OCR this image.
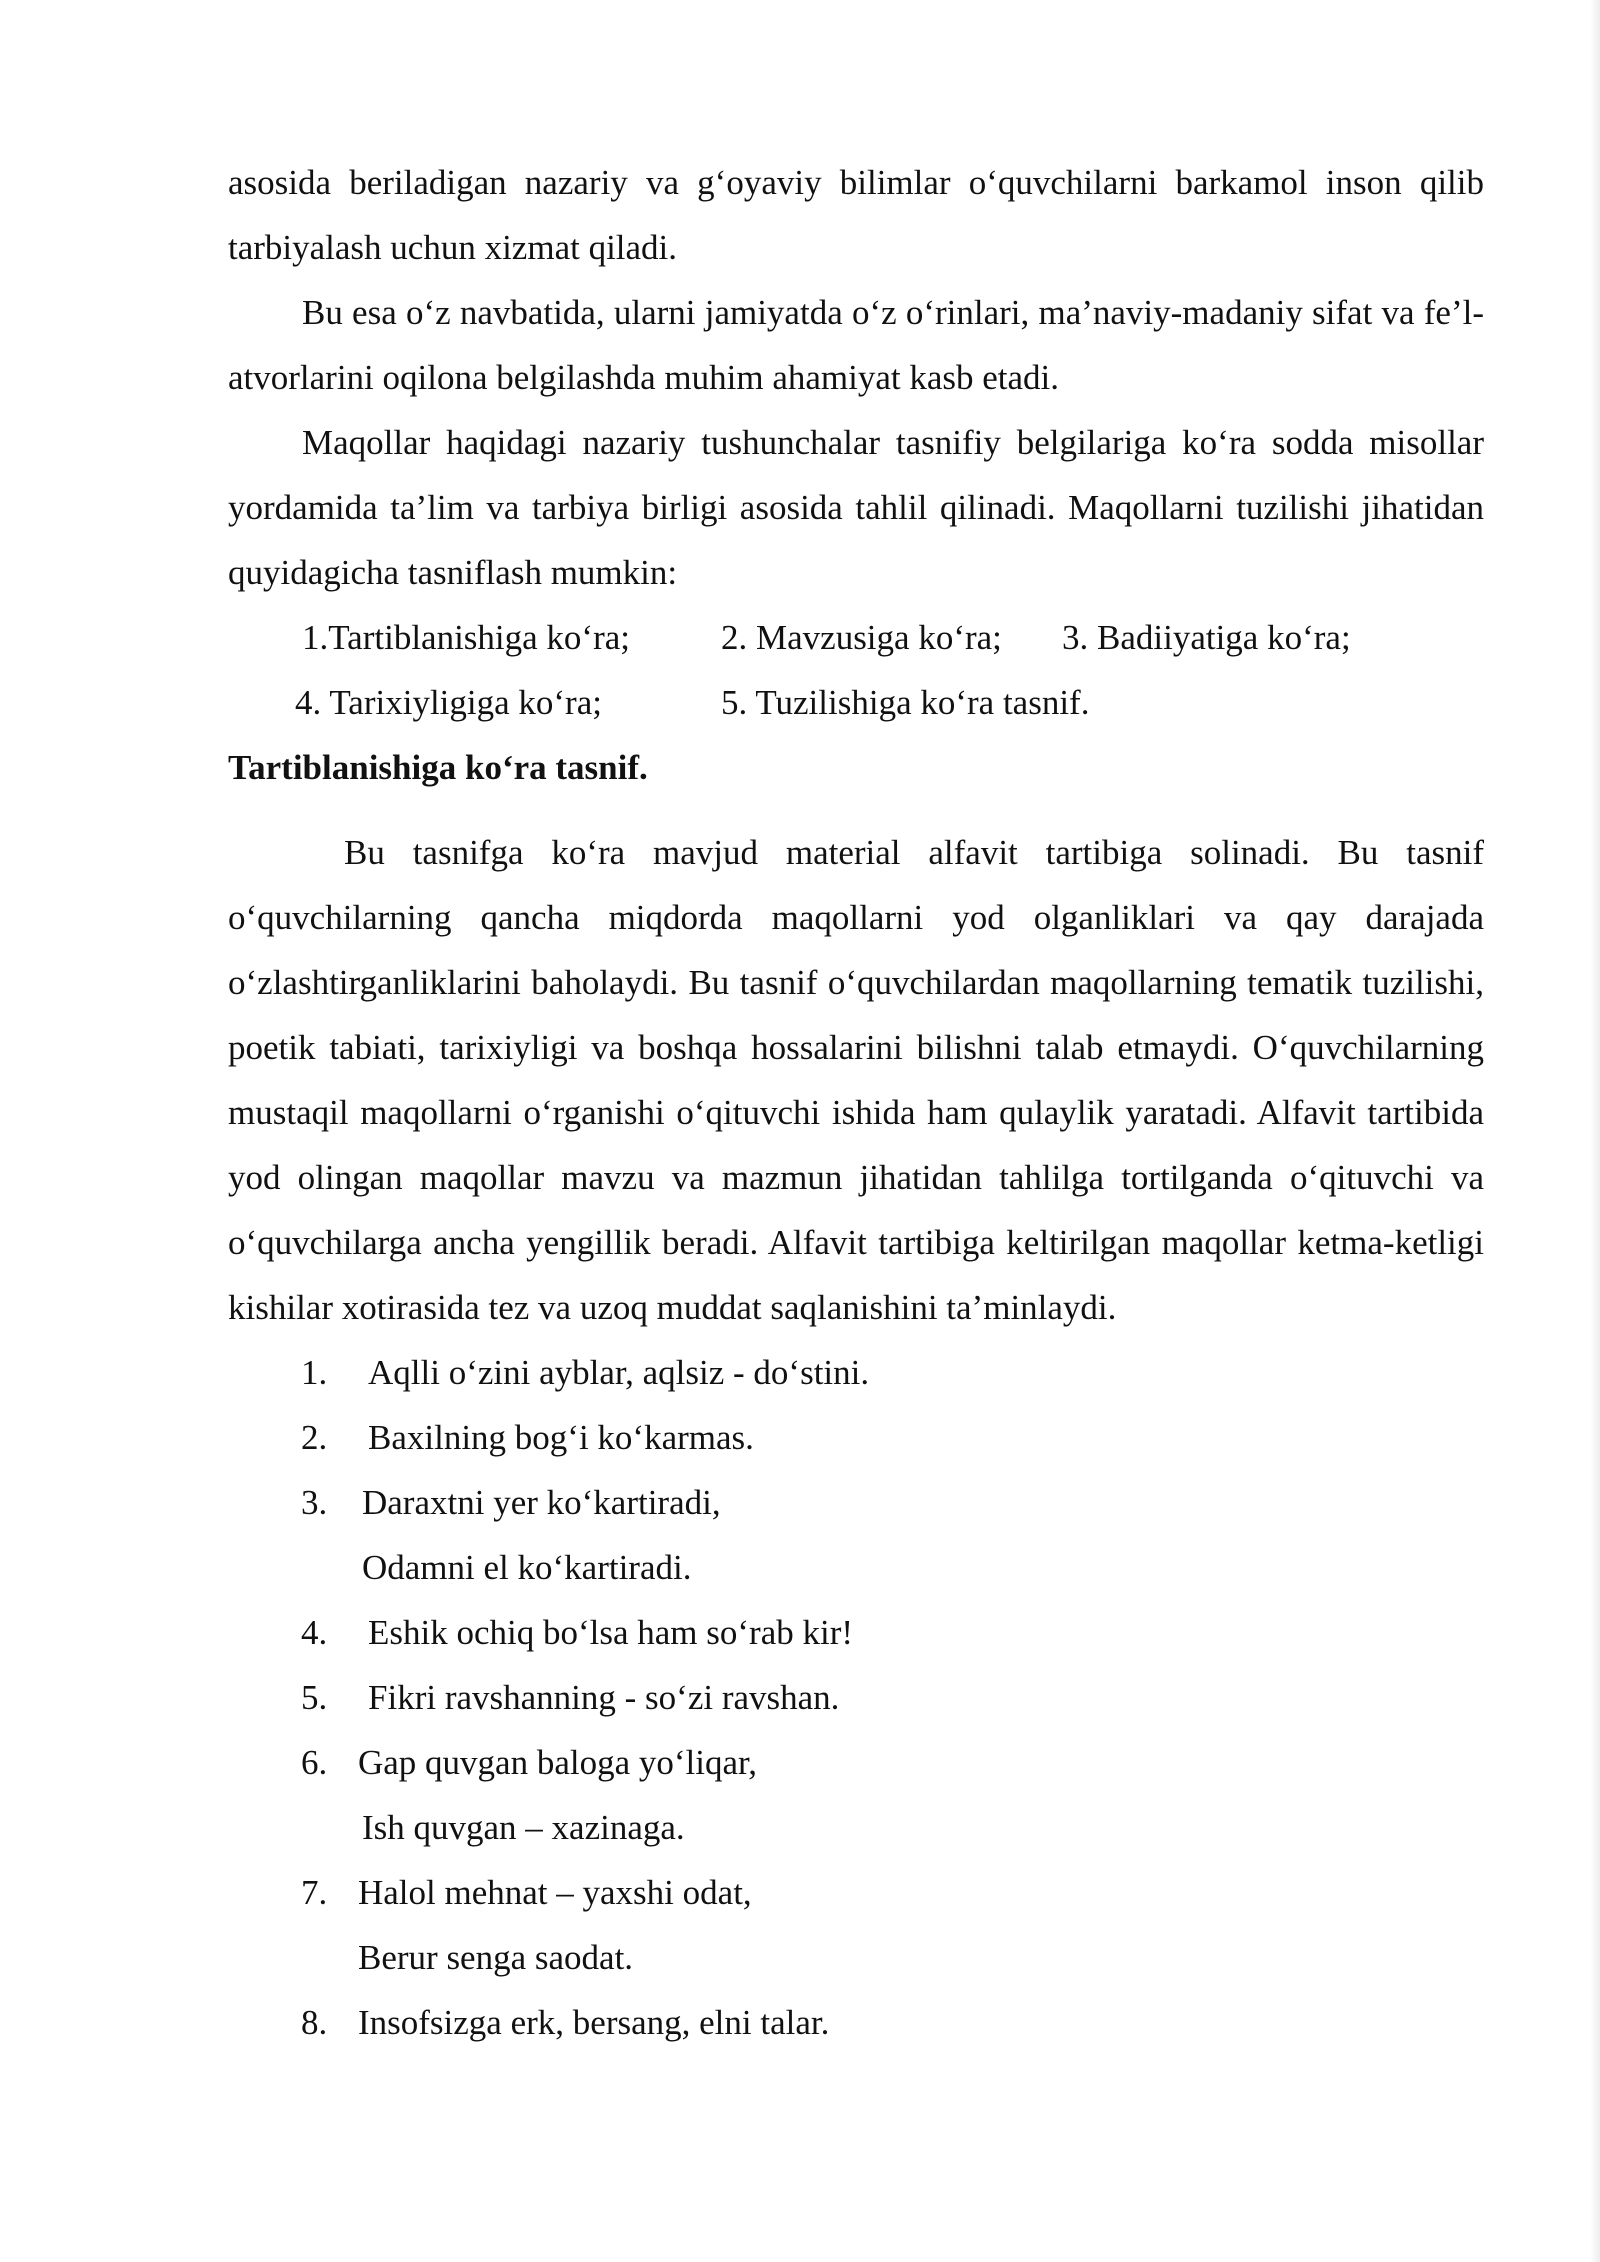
asosida beriladigan nazariy va g‘oyaviy bilimlar o‘quvchilarni barkamol inson qilib tarbiyalash uchun xizmat qiladi.

Bu esa o‘z navbatida, ularni jamiyatda o‘z o‘rinlari, ma’naviy-madaniy sifat va fe’l-atvorlarini oqilona belgilashda muhim ahamiyat kasb etadi.

Maqollar haqidagi nazariy tushunchalar tasnifiy belgilariga ko‘ra sodda misollar yordamida ta’lim va tarbiya birligi asosida tahlil qilinadi. Maqollarni tuzilishi jihatidan quyidagicha tasniflash mumkin:

1.Tartiblanishiga ko‘ra;	2. Mavzusiga ko‘ra; 3. Badiiyatiga ko‘ra;
4. Tarixiyligiga ko‘ra;	5. Tuzilishiga ko‘ra tasnif.

Tartiblanishiga ko‘ra tasnif.

Bu tasnifga ko‘ra mavjud material alfavit tartibiga solinadi. Bu tasnif o‘quvchilarning qancha miqdorda maqollarni yod olganliklari va qay darajada o‘zlashtirganliklarini baholaydi. Bu tasnif o‘quvchilardan maqollarning tematik tuzilishi, poetik tabiati, tarixiyligi va boshqa hossalarini bilishni talab etmaydi. O‘quvchilarning mustaqil maqollarni o‘rganishi o‘qituvchi ishida ham qulaylik yaratadi. Alfavit tartibida yod olingan maqollar mavzu va mazmun jihatidan tahlilga tortilganda o‘qituvchi va o‘quvchilarga ancha yengillik beradi. Alfavit tartibiga keltirilgan maqollar ketma-ketligi kishilar xotirasida tez va uzoq muddat saqlanishini ta’minlaydi.

1. Aqlli o‘zini ayblar, aqlsiz - do‘stini.
2. Baxilning bog‘i ko‘karmas.
3. Daraxtni yer ko‘kartiradi,
Odamni el ko‘kartiradi.
4. Eshik ochiq bo‘lsa ham so‘rab kir!
5. Fikri ravshanning - so‘zi ravshan.
6. Gap quvgan baloga yo‘liqar,
Ish quvgan – xazinaga.
7. Halol mehnat – yaxshi odat,
Berur senga saodat.
8. Insofsizga erk, bersang, elni talar.
